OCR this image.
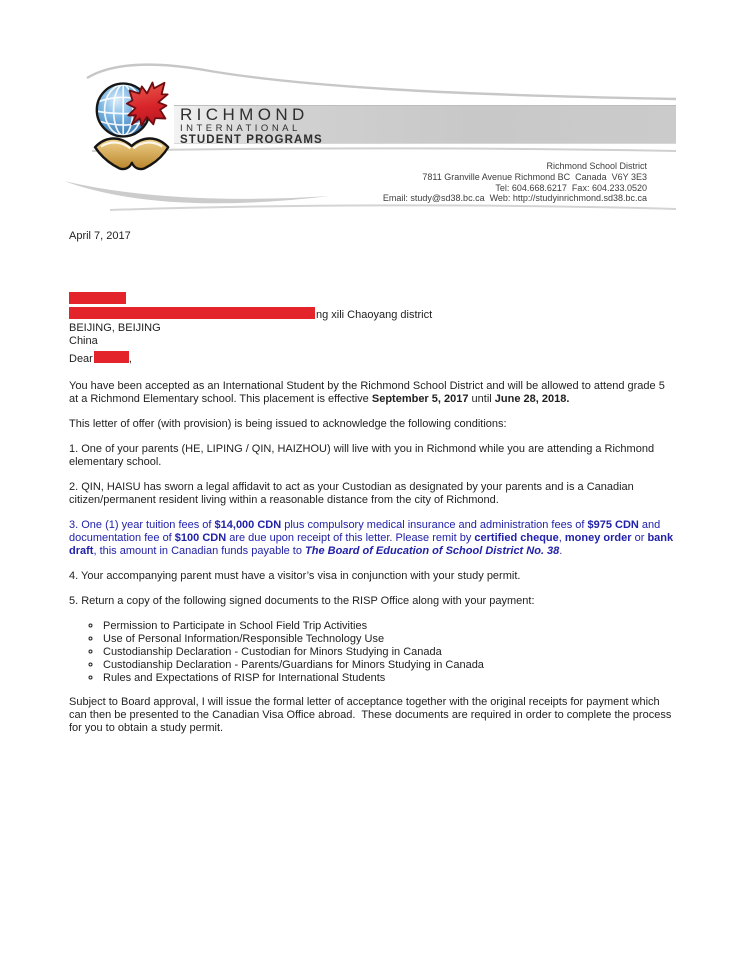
RICHMOND
INTERNATIONAL
STUDENT PROGRAMS
Richmond School District
7811 Granville Avenue Richmond BC  Canada  V6Y 3E3
Tel: 604.668.6217  Fax: 604.233.0520
Email: study@sd38.bc.ca  Web: http://studyinrichmond.sd38.bc.ca
April 7, 2017
ng xili Chaoyang district
BEIJING, BEIJING
China
Dear	,

You have been accepted as an International Student by the Richmond School District and will be allowed to attend grade 5 at a Richmond Elementary school. This placement is effective September 5, 2017 until June 28, 2018.

This letter of offer (with provision) is being issued to acknowledge the following conditions:

1. One of your parents (HE, LIPING / QIN, HAIZHOU) will live with you in Richmond while you are attending a Richmond elementary school.

2. QIN, HAISU has sworn a legal affidavit to act as your Custodian as designated by your parents and is a Canadian citizen/permanent resident living within a reasonable distance from the city of Richmond.

3. One (1) year tuition fees of $14,000 CDN plus compulsory medical insurance and administration fees of $975 CDN and documentation fee of $100 CDN are due upon receipt of this letter. Please remit by certified cheque, money order or bank draft, this amount in Canadian funds payable to The Board of Education of School District No. 38.

4. Your accompanying parent must have a visitor’s visa in conjunction with your study permit.

5. Return a copy of the following signed documents to the RISP Office along with your payment:

◦ Permission to Participate in School Field Trip Activities
◦ Use of Personal Information/Responsible Technology Use
◦ Custodianship Declaration - Custodian for Minors Studying in Canada
◦ Custodianship Declaration - Parents/Guardians for Minors Studying in Canada
◦ Rules and Expectations of RISP for International Students

Subject to Board approval, I will issue the formal letter of acceptance together with the original receipts for payment which can then be presented to the Canadian Visa Office abroad.  These documents are required in order to complete the process for you to obtain a study permit.
